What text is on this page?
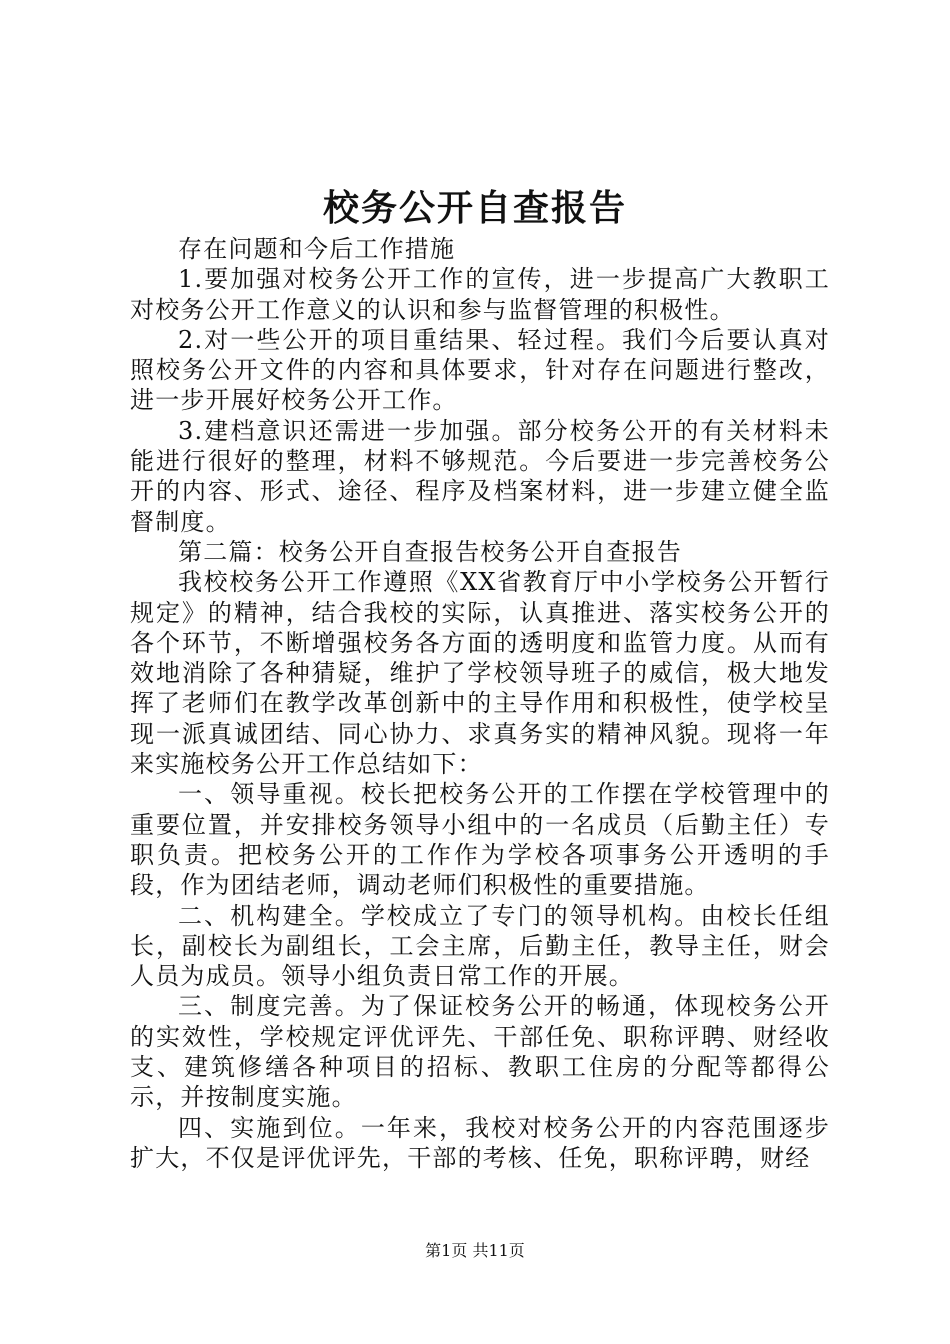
校务公开自查报告

存在问题和今后工作措施

1.要加强对校务公开工作的宣传，进一步提高广大教职工对校务公开工作意义的认识和参与监督管理的积极性。

2.对一些公开的项目重结果、轻过程。我们今后要认真对照校务公开文件的内容和具体要求，针对存在问题进行整改，进一步开展好校务公开工作。

3.建档意识还需进一步加强。部分校务公开的有关材料未能进行很好的整理，材料不够规范。今后要进一步完善校务公开的内容、形式、途径、程序及档案材料，进一步建立健全监督制度。

第二篇：校务公开自查报告校务公开自查报告

我校校务公开工作遵照《XX省教育厅中小学校务公开暂行规定》的精神，结合我校的实际，认真推进、落实校务公开的各个环节，不断增强校务各方面的透明度和监管力度。从而有效地消除了各种猜疑，维护了学校领导班子的威信，极大地发挥了老师们在教学改革创新中的主导作用和积极性，使学校呈现一派真诚团结、同心协力、求真务实的精神风貌。现将一年来实施校务公开工作总结如下：

一、领导重视。校长把校务公开的工作摆在学校管理中的重要位置，并安排校务领导小组中的一名成员（后勤主任）专职负责。把校务公开的工作作为学校各项事务公开透明的手段，作为团结老师，调动老师们积极性的重要措施。

二、机构建全。学校成立了专门的领导机构。由校长任组长，副校长为副组长，工会主席，后勤主任，教导主任，财会人员为成员。领导小组负责日常工作的开展。

三、制度完善。为了保证校务公开的畅通，体现校务公开的实效性，学校规定评优评先、干部任免、职称评聘、财经收支、建筑修缮各种项目的招标、教职工住房的分配等都得公示，并按制度实施。

四、实施到位。一年来，我校对校务公开的内容范围逐步扩大，不仅是评优评先，干部的考核、任免，职称评聘，财经

第1页 共11页
